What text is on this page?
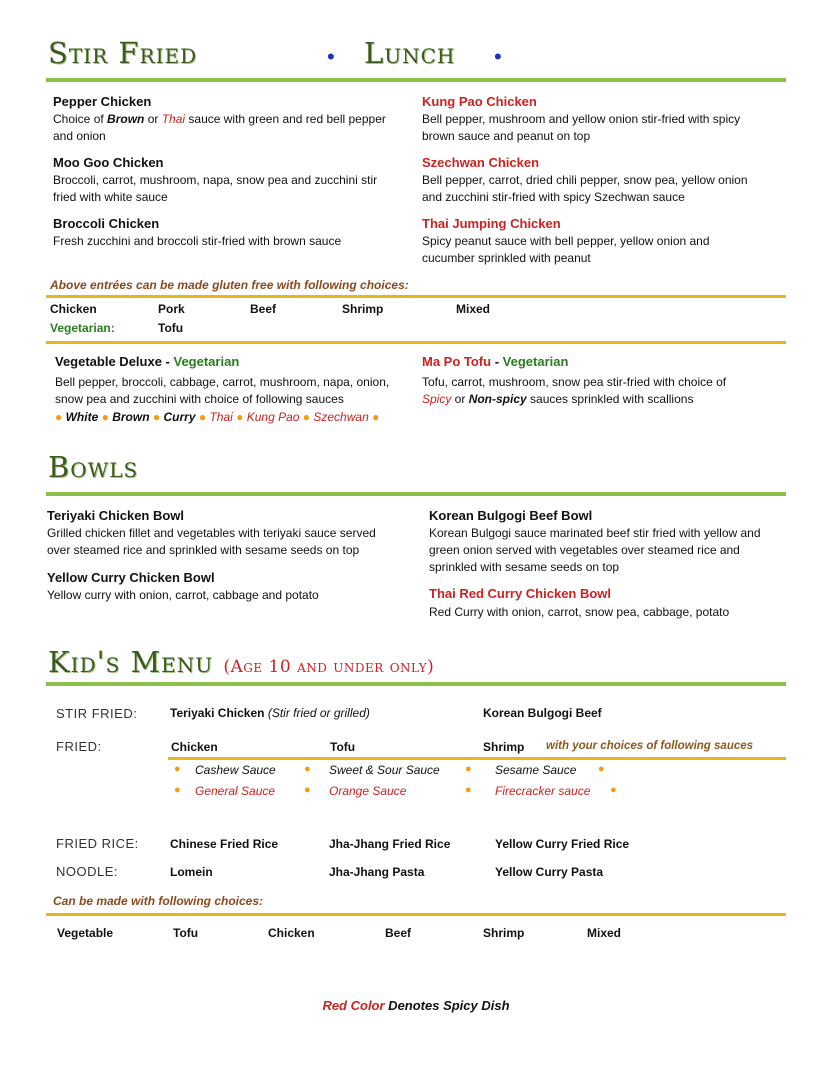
Stir Fried	• Lunch •
Pepper Chicken
Choice of Brown or Thai sauce with green and red bell pepper
and onion
Moo Goo Chicken
Broccoli, carrot, mushroom, napa, snow pea and zucchini stir
fried with white sauce
Broccoli Chicken
Fresh zucchini and broccoli stir-fried with brown sauce
Kung Pao Chicken
Bell pepper, mushroom and yellow onion stir-fried with spicy
brown sauce and peanut on top
Szechwan Chicken
Bell pepper, carrot, dried chili pepper, snow pea, yellow onion
and zucchini stir-fried with spicy Szechwan sauce
Thai Jumping Chicken
Spicy peanut sauce with bell pepper, yellow onion and
cucumber sprinkled with peanut
Above entrées can be made gluten free with following choices:
Chicken	Pork	Beef	Shrimp	Mixed
Vegetarian:	Tofu
Vegetable Deluxe - Vegetarian
Bell pepper, broccoli, cabbage, carrot, mushroom, napa, onion,
snow pea and zucchini with choice of following sauces
● White ● Brown ● Curry ● Thai ● Kung Pao ● Szechwan ●
Ma Po Tofu - Vegetarian
Tofu, carrot, mushroom, snow pea stir-fried with choice of
Spicy or Non-spicy sauces sprinkled with scallions
Bowls
Teriyaki Chicken Bowl
Grilled chicken fillet and vegetables with teriyaki sauce served
over steamed rice and sprinkled with sesame seeds on top
Yellow Curry Chicken Bowl
Yellow curry with onion, carrot, cabbage and potato
Korean Bulgogi Beef Bowl
Korean Bulgogi sauce marinated beef stir fried with yellow and
green onion served with vegetables over steamed rice and
sprinkled with sesame seeds on top
Thai Red Curry Chicken Bowl
Red Curry with onion, carrot, snow pea, cabbage, potato
Kid's Menu (Age 10 and under only)
STIR FRIED:	Teriyaki Chicken (Stir fried or grilled)	Korean Bulgogi Beef
FRIED:	Chicken	Tofu	Shrimp with your choices of following sauces
● Cashew Sauce	● Sweet & Sour Sauce ● Sesame Sauce ●
● General Sauce	● Orange Sauce	● Firecracker sauce ●
FRIED RICE:	Chinese Fried Rice	Jha-Jhang Fried Rice	Yellow Curry Fried Rice
NOODLE:	Lomein	Jha-Jhang Pasta	Yellow Curry Pasta
Can be made with following choices:
Vegetable	Tofu	Chicken	Beef	Shrimp	Mixed
Red Color Denotes Spicy Dish
